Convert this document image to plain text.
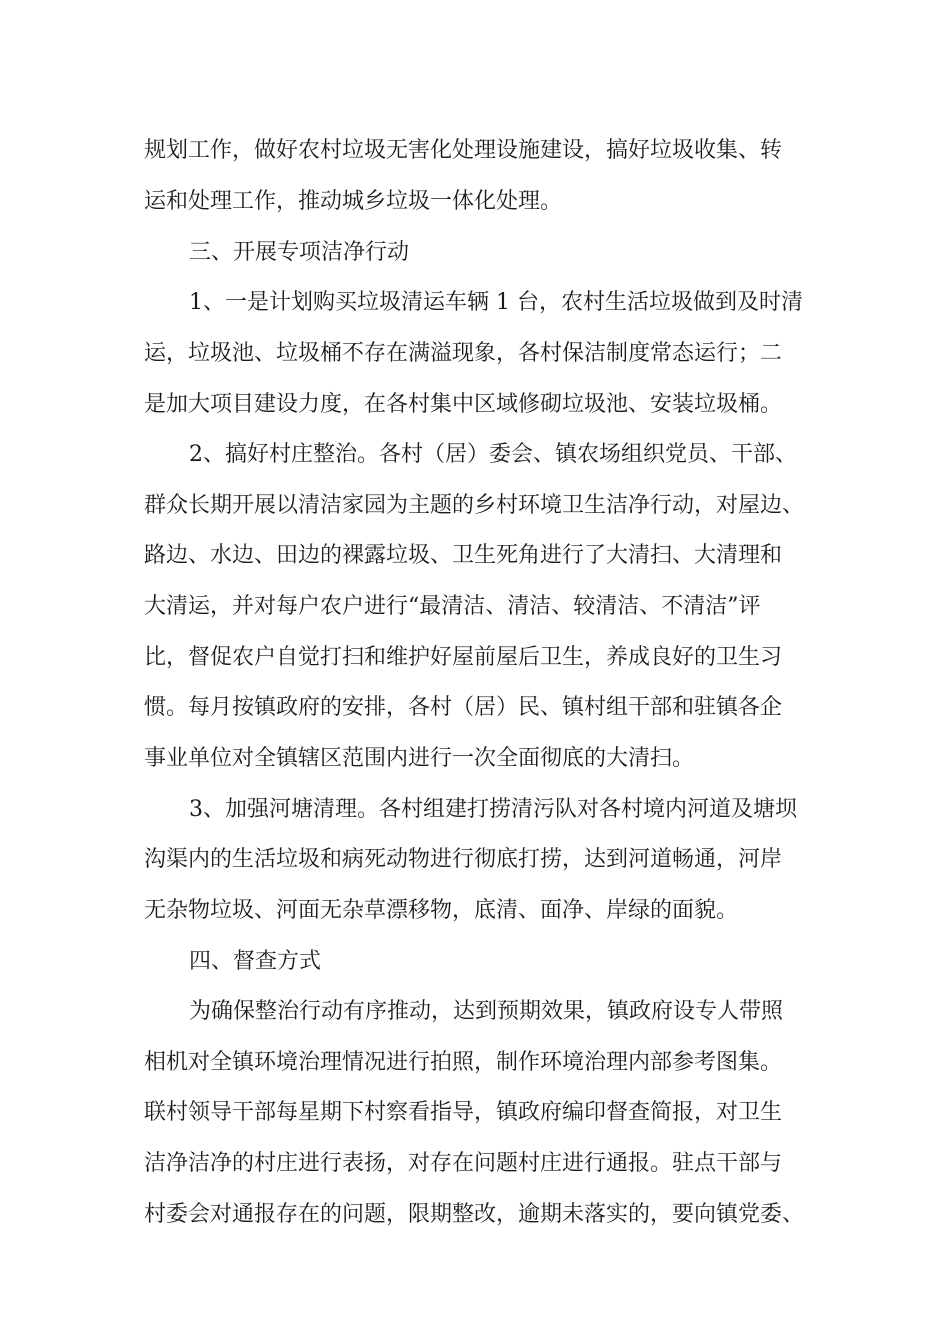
规划工作，做好农村垃圾无害化处理设施建设，搞好垃圾收集、转
运和处理工作，推动城乡垃圾一体化处理。
三、开展专项洁净行动
1、一是计划购买垃圾清运车辆 1 台，农村生活垃圾做到及时清
运，垃圾池、垃圾桶不存在满溢现象，各村保洁制度常态运行；二
是加大项目建设力度，在各村集中区域修砌垃圾池、安装垃圾桶。
2、搞好村庄整治。各村（居）委会、镇农场组织党员、干部、
群众长期开展以清洁家园为主题的乡村环境卫生洁净行动，对屋边、
路边、水边、田边的裸露垃圾、卫生死角进行了大清扫、大清理和
大清运，并对每户农户进行“最清洁、清洁、较清洁、不清洁”评
比，督促农户自觉打扫和维护好屋前屋后卫生，养成良好的卫生习
惯。每月按镇政府的安排，各村（居）民、镇村组干部和驻镇各企
事业单位对全镇辖区范围内进行一次全面彻底的大清扫。
3、加强河塘清理。各村组建打捞清污队对各村境内河道及塘坝
沟渠内的生活垃圾和病死动物进行彻底打捞，达到河道畅通，河岸
无杂物垃圾、河面无杂草漂移物，底清、面净、岸绿的面貌。
四、督查方式
为确保整治行动有序推动，达到预期效果，镇政府设专人带照
相机对全镇环境治理情况进行拍照，制作环境治理内部参考图集。
联村领导干部每星期下村察看指导，镇政府编印督查简报，对卫生
洁净洁净的村庄进行表扬，对存在问题村庄进行通报。驻点干部与
村委会对通报存在的问题，限期整改，逾期未落实的，要向镇党委、
